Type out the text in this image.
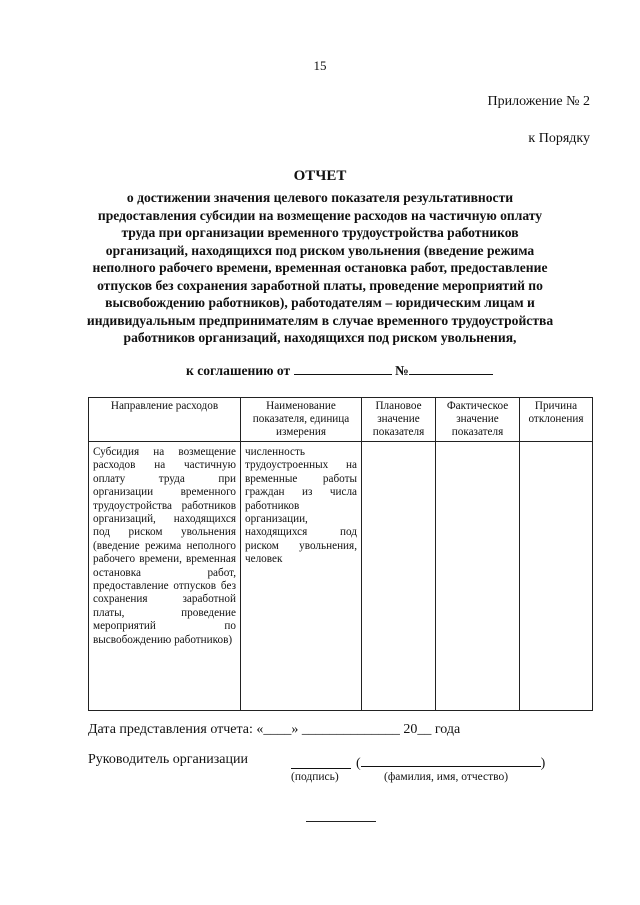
15
Приложение № 2
к Порядку
ОТЧЕТ
о достижении значения целевого показателя результативности предоставления субсидии на возмещение расходов на частичную оплату труда при организации временного трудоустройства работников организаций, находящихся под риском увольнения (введение режима неполного рабочего времени, временная остановка работ, предоставление отпусков без сохранения заработной платы, проведение мероприятий по высвобождению работников), работодателям – юридическим лицам и индивидуальным предпринимателям в случае временного трудоустройства работников организаций, находящихся под риском увольнения,
к соглашению от	№
Направление расходов	Наименование показателя, единица измерения	Плановое значение показателя	Фактическое значение показателя	Причина отклонения
Субсидия на возмещение расходов на частичную оплату труда при организации временного трудоустройства работников организаций, находящихся под риском увольнения (введение режима неполного рабочего времени, временная остановка работ, предоставление отпусков без сохранения заработной платы, проведение мероприятий по высвобождению работников)	численность трудоустроенных на временные работы граждан из числа работников организации, находящихся под риском увольнения, человек			
Дата представления отчета: «____» ______________ 20__ года
Руководитель организации	(	)
(подпись)	(фамилия, имя, отчество)
